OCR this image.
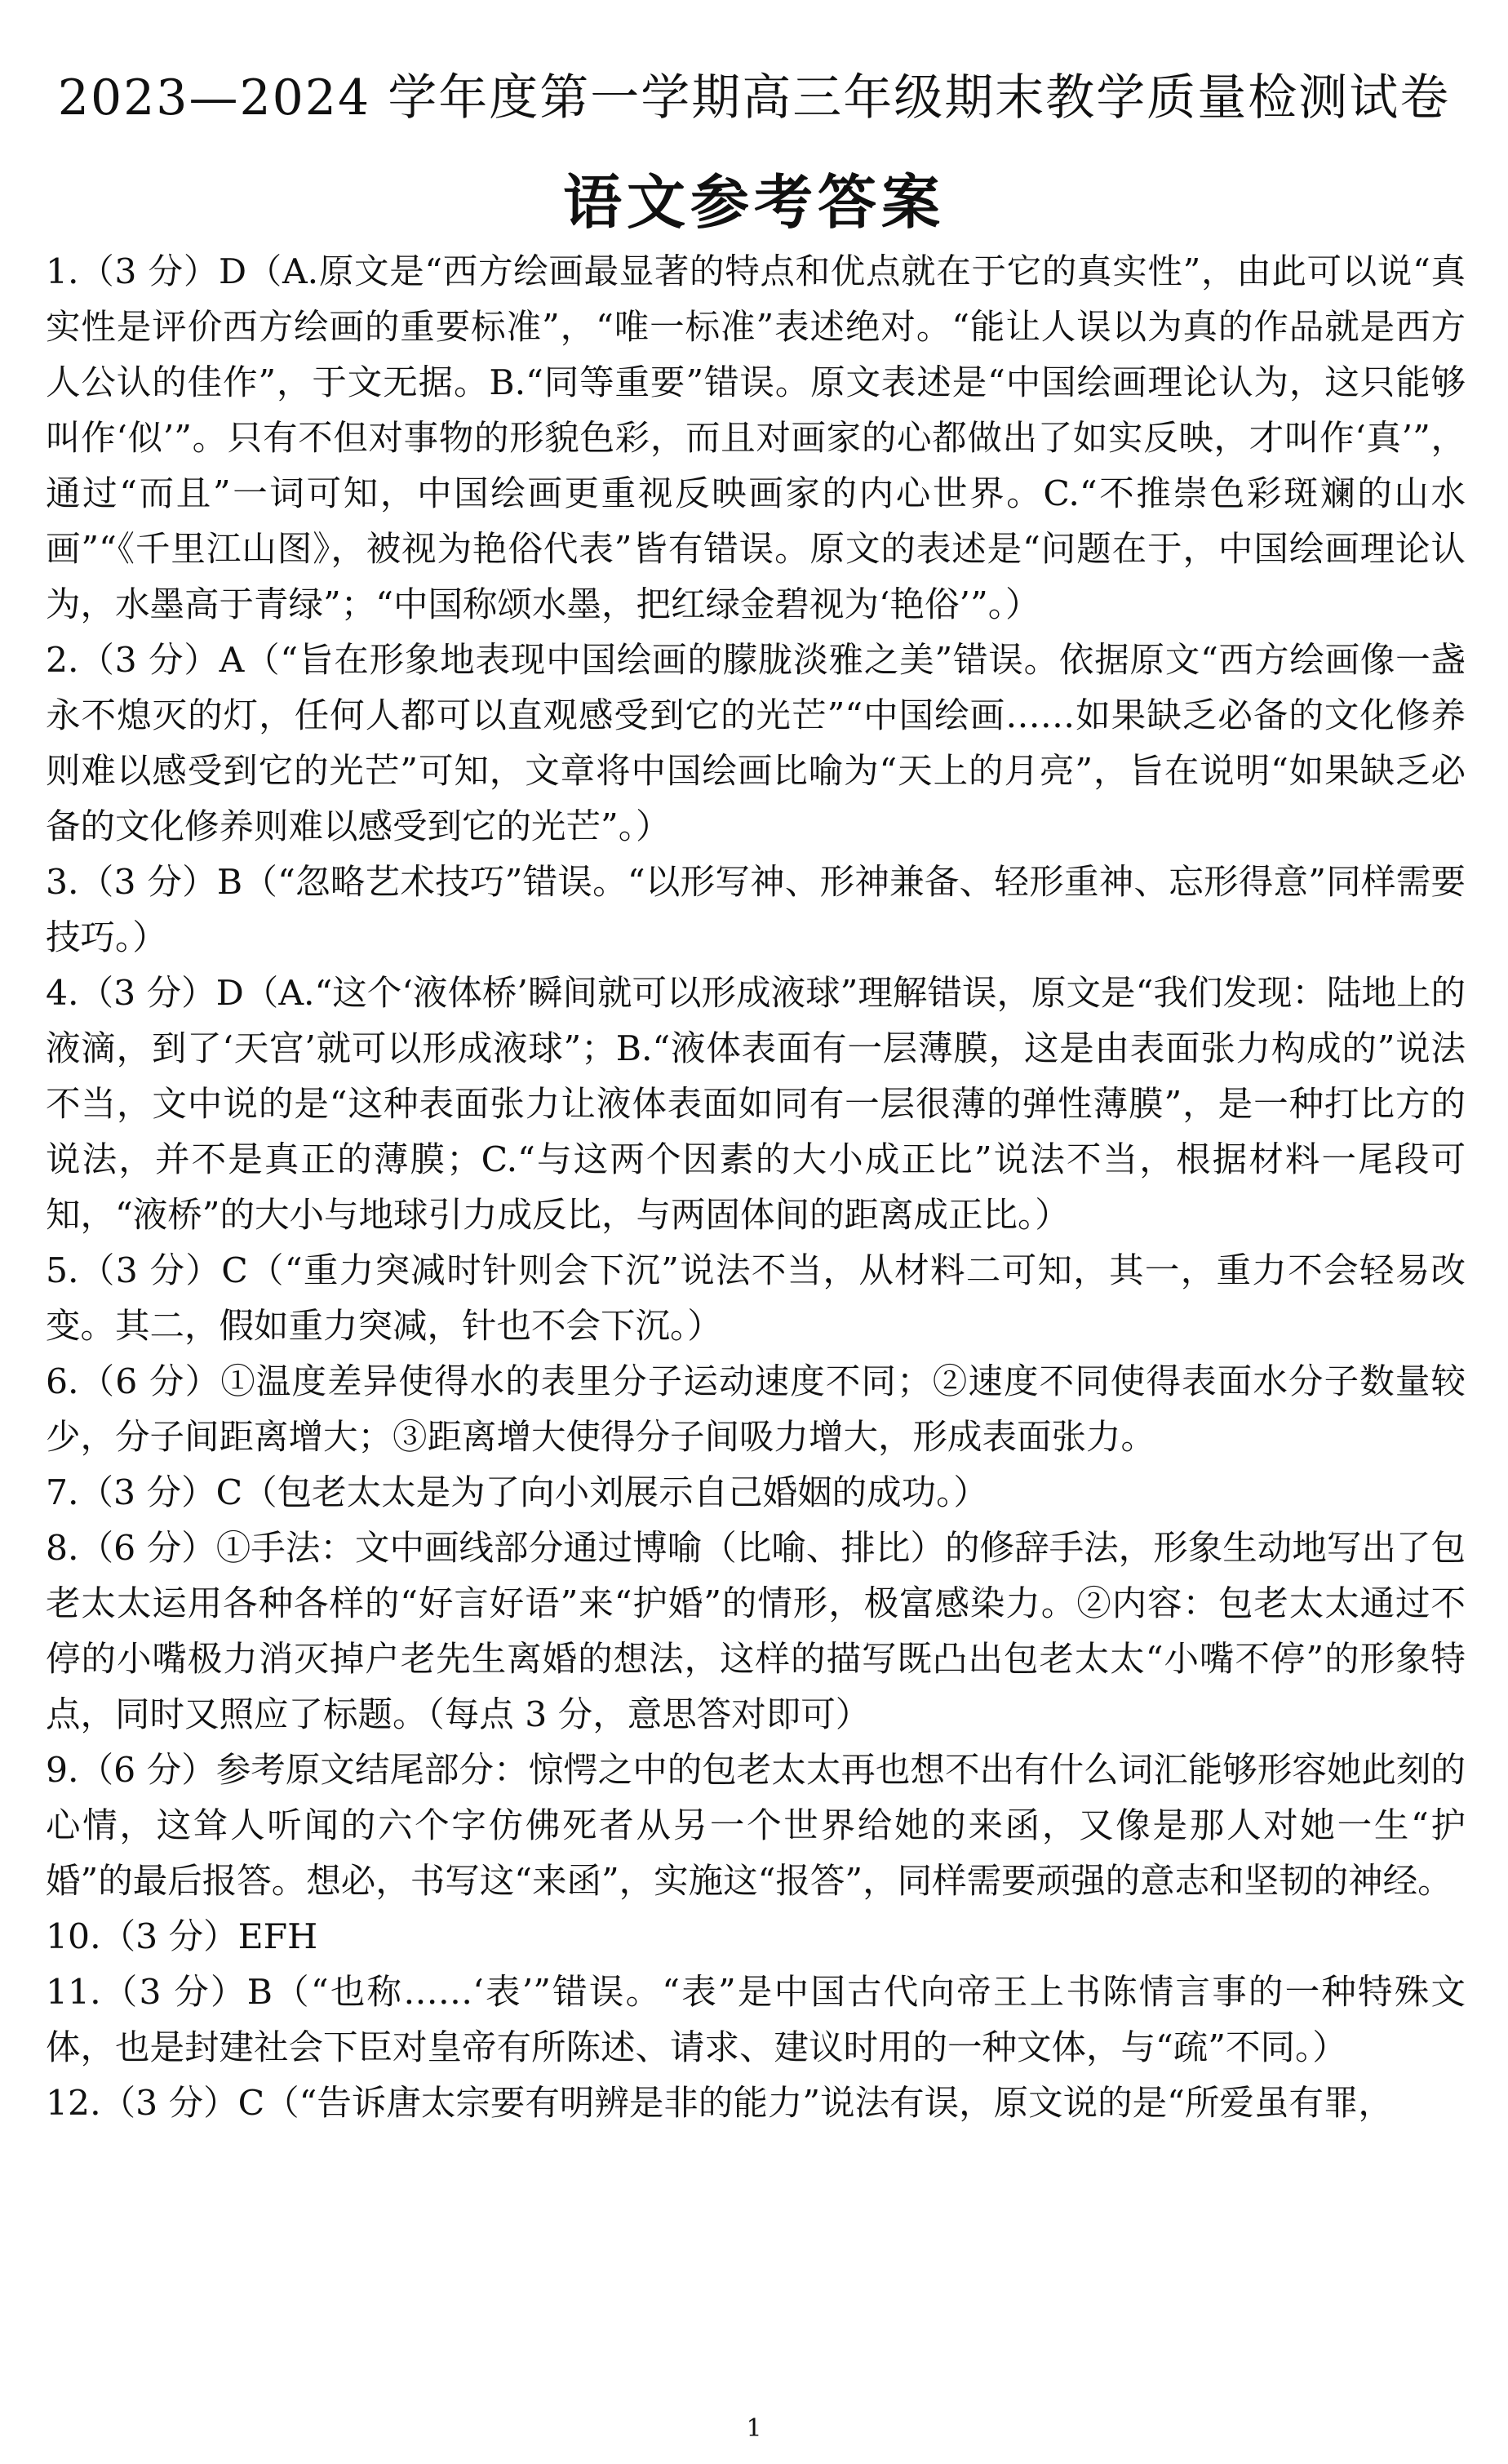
2023—2024 学年度第一学期高三年级期末教学质量检测试卷
语文参考答案

1.（3 分）D（A.原文是“西方绘画最显著的特点和优点就在于它的真实性”，由此可以说“真实性是评价西方绘画的重要标准”，“唯一标准”表述绝对。“能让人误以为真的作品就是西方人公认的佳作”，于文无据。B.“同等重要”错误。原文表述是“中国绘画理论认为，这只能够叫作‘似’”。只有不但对事物的形貌色彩，而且对画家的心都做出了如实反映，才叫作‘真’”，通过“而且”一词可知，中国绘画更重视反映画家的内心世界。C.“不推崇色彩斑斓的山水画”“《千里江山图》，被视为艳俗代表”皆有错误。原文的表述是“问题在于，中国绘画理论认为，水墨高于青绿”；“中国称颂水墨，把红绿金碧视为‘艳俗’”。）

2.（3 分）A（“旨在形象地表现中国绘画的朦胧淡雅之美”错误。依据原文“西方绘画像一盏永不熄灭的灯，任何人都可以直观感受到它的光芒”“中国绘画……如果缺乏必备的文化修养则难以感受到它的光芒”可知，文章将中国绘画比喻为“天上的月亮”，旨在说明“如果缺乏必备的文化修养则难以感受到它的光芒”。）

3.（3 分）B（“忽略艺术技巧”错误。“以形写神、形神兼备、轻形重神、忘形得意”同样需要技巧。）

4.（3 分）D（A.“这个‘液体桥’瞬间就可以形成液球”理解错误，原文是“我们发现：陆地上的液滴，到了‘天宫’就可以形成液球”；B.“液体表面有一层薄膜，这是由表面张力构成的”说法不当，文中说的是“这种表面张力让液体表面如同有一层很薄的弹性薄膜”，是一种打比方的说法，并不是真正的薄膜；C.“与这两个因素的大小成正比”说法不当，根据材料一尾段可知，“液桥”的大小与地球引力成反比，与两固体间的距离成正比。）

5.（3 分）C（“重力突减时针则会下沉”说法不当，从材料二可知，其一，重力不会轻易改变。其二，假如重力突减，针也不会下沉。）

6.（6 分）①温度差异使得水的表里分子运动速度不同；②速度不同使得表面水分子数量较少，分子间距离增大；③距离增大使得分子间吸力增大，形成表面张力。

7.（3 分）C（包老太太是为了向小刘展示自己婚姻的成功。）

8.（6 分）①手法：文中画线部分通过博喻（比喻、排比）的修辞手法，形象生动地写出了包老太太运用各种各样的“好言好语”来“护婚”的情形，极富感染力。②内容：包老太太通过不停的小嘴极力消灭掉户老先生离婚的想法，这样的描写既凸出包老太太“小嘴不停”的形象特点，同时又照应了标题。（每点 3 分，意思答对即可）

9.（6 分）参考原文结尾部分：惊愕之中的包老太太再也想不出有什么词汇能够形容她此刻的心情，这耸人听闻的六个字仿佛死者从另一个世界给她的来函，又像是那人对她一生“护婚”的最后报答。想必，书写这“来函”，实施这“报答”，同样需要顽强的意志和坚韧的神经。

10.（3 分）EFH

11.（3 分）B（“也称……‘表’”错误。“表”是中国古代向帝王上书陈情言事的一种特殊文体，也是封建社会下臣对皇帝有所陈述、请求、建议时用的一种文体，与“疏”不同。）

12.（3 分）C（“告诉唐太宗要有明辨是非的能力”说法有误，原文说的是“所爱虽有罪，

1
